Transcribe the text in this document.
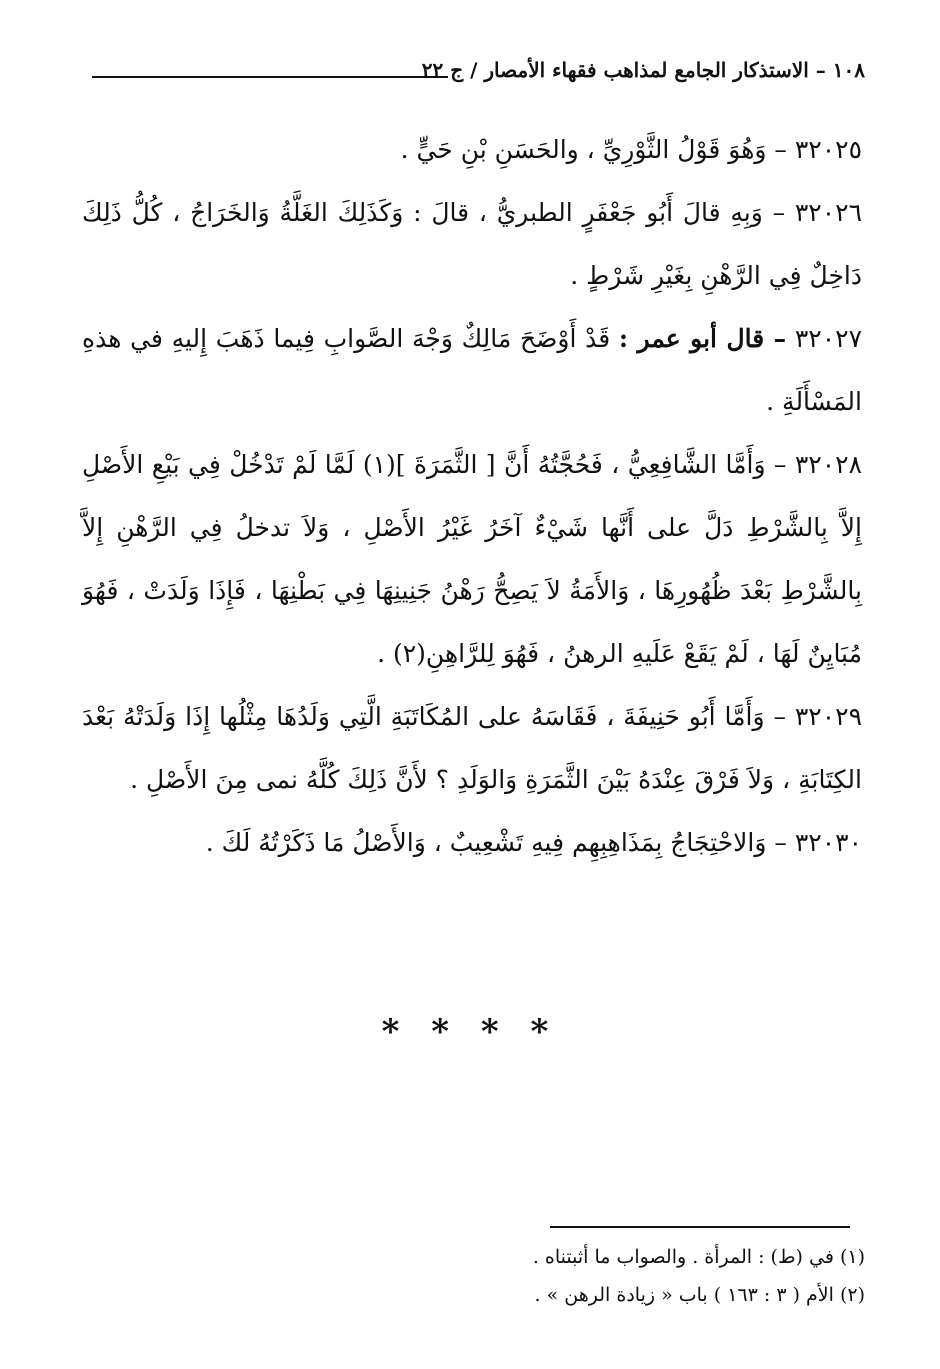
١٠٨ – الاستذكار الجامع لمذاهب فقهاء الأمصار / ج ٢٢

٣٢٠٢٥ – وَهُوَ قَوْلُ الثَّوْرِيِّ ، والحَسَنِ بْنِ حَيٍّ .

٣٢٠٢٦ – وَبِهِ قالَ أَبُو جَعْفَرٍ الطبريُّ ، قالَ : وَكَذَلِكَ الغَلَّةُ وَالخَرَاجُ ، كُلُّ ذَلِكَ دَاخِلٌ فِي الرَّهْنِ بِغَيْرِ شَرْطٍ .

٣٢٠٢٧ – قال أبو عمر : قَدْ أَوْضَحَ مَالِكٌ وَجْهَ الصَّوابِ فِيما ذَهَبَ إِليهِ في هذهِ المَسْأَلَةِ .

٣٢٠٢٨ – وَأَمَّا الشَّافِعِيُّ ، فَحُجَّتُهُ أَنَّ [ الثَّمَرَةَ ](١) لَمَّا لَمْ تَدْخُلْ فِي بَيْعِ الأَصْلِ إِلاَّ بِالشَّرْطِ دَلَّ على أَنَّها شَيْءٌ آخَرُ غَيْرُ الأَصْلِ ، وَلاَ تدخلُ فِي الرَّهْنِ إِلاَّ بِالشَّرْطِ بَعْدَ ظُهُورِهَا ، وَالأَمَةُ لاَ يَصِحُّ رَهْنُ جَنِينِهَا فِي بَطْنِهَا ، فَإِذَا وَلَدَتْ ، فَهُوَ مُبَايِنٌ لَهَا ، لَمْ يَقَعْ عَلَيهِ الرهنُ ، فَهُوَ لِلرَّاهِنِ(٢) .

٣٢٠٢٩ – وَأَمَّا أَبُو حَنِيفَةَ ، فَقَاسَهُ على المُكَاتَبَةِ الَّتِي وَلَدُهَا مِثْلُها إِذَا وَلَدَتْهُ بَعْدَ الكِتَابَةِ ، وَلاَ فَرْقَ عِنْدَهُ بَيْنَ الثَّمَرَةِ وَالوَلَدِ ؟ لأَنَّ ذَلِكَ كُلَّهُ نمى مِنَ الأَصْلِ .

٣٢٠٣٠ – وَالاحْتِجَاجُ بِمَذَاهِبِهِم فِيهِ تَشْعِيبٌ ، وَالأَصْلُ مَا ذَكَرْتُهُ لَكَ .

* * * *
(١) في (ط) : المرأة . والصواب ما أثبتناه .
(٢) الأم ( ٣ : ١٦٣ ) باب « زيادة الرهن » .
